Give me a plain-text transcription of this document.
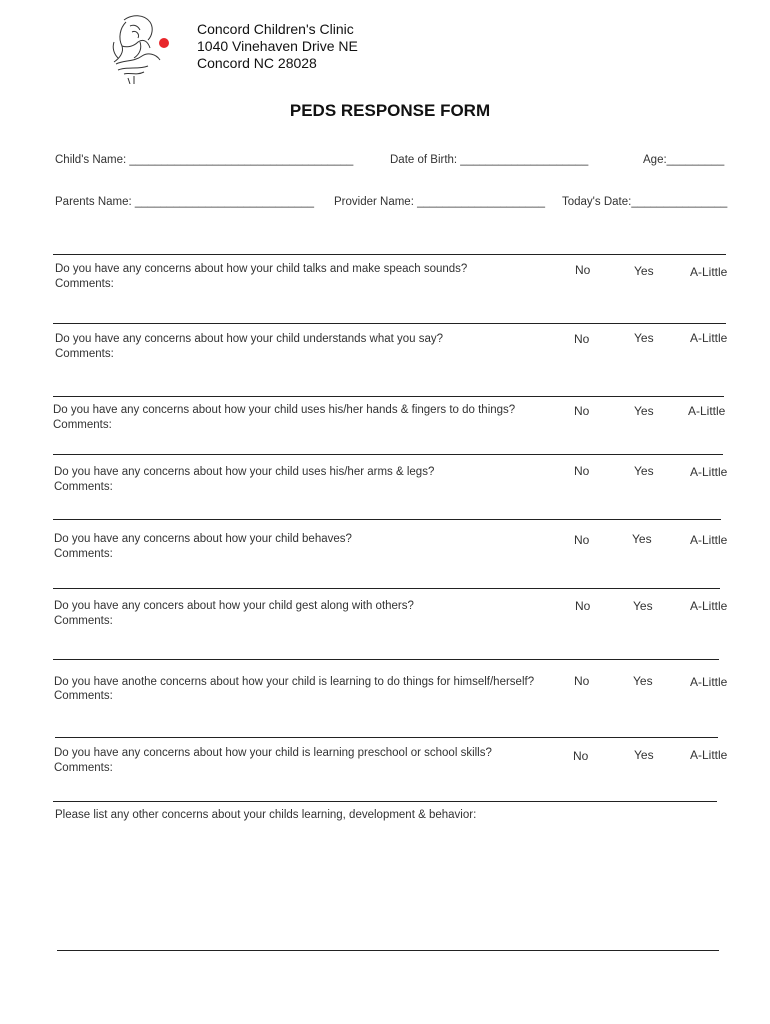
Concord Children's Clinic
1040 Vinehaven Drive NE
Concord NC 28028
PEDS RESPONSE FORM
Child's Name: ___________________________________	Date of Birth: ____________________	Age:_________
Parents Name: ____________________________ Provider Name: ____________________ Today's Date:_______________
Do you have any concerns about how your child talks and make speach sounds?
Comments:
No	Yes	A-Little
Do you have any concerns about how your child understands what you say?
Comments:
No	Yes	A-Little
Do you have any concerns about how your child uses his/her hands & fingers to do things?
Comments:
No	Yes	A-Little
Do you have any concerns about how your child uses his/her arms & legs?
Comments:
No	Yes	A-Little
Do you have any concerns about how your child behaves?
Comments:
No	Yes	A-Little
Do you have any concers about how your child gest along with others?
Comments:
No	Yes	A-Little
Do you have anothe concerns about how your child is learning to do things for himself/herself?
Comments:
No	Yes	A-Little
Do you have any concerns about how your child is learning preschool or school skills?
Comments:
No	Yes	A-Little
Please list any other concerns about your childs learning, development & behavior:
